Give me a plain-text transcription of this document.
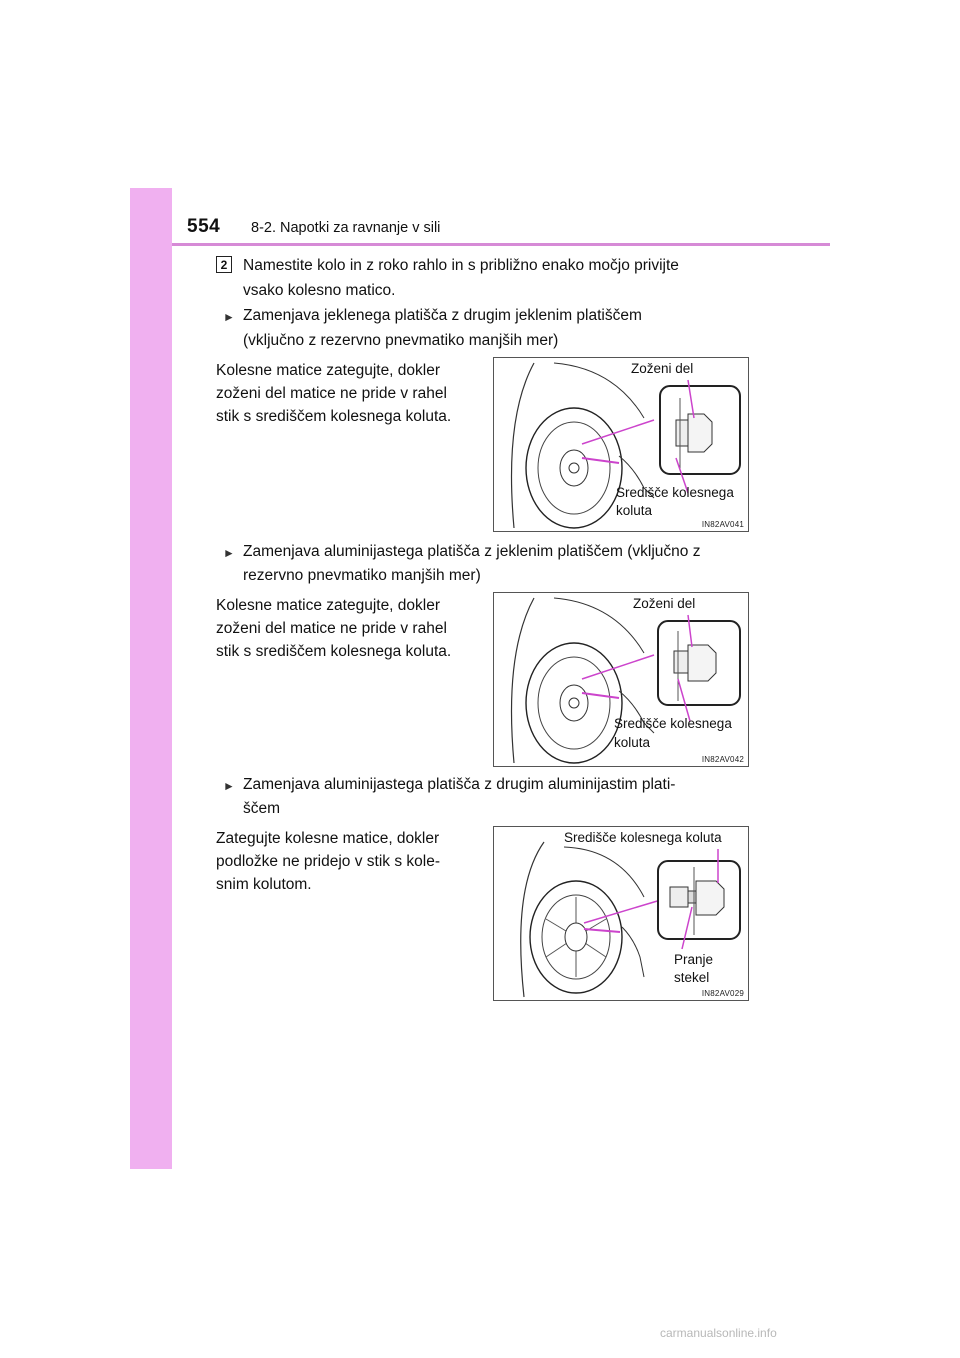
554 8-2. Napotki za ravnanje v sili
2	Namestite kolo in z roko rahlo in s približno enako močjo privijte
vsako kolesno matico.
► Zamenjava jeklenega platišča z drugim jeklenim platiščem
(vključno z rezervno pnevmatiko manjših mer)
Kolesne matice zategujte, dokler
zoženi del matice ne pride v rahel
stik s središčem kolesnega koluta.
Zoženi del
Središče kolesnega
koluta
IN82AV041
► Zamenjava aluminijastega platišča z jeklenim platiščem (vključno z
rezervno pnevmatiko manjših mer)
Kolesne matice zategujte, dokler
zoženi del matice ne pride v rahel
stik s središčem kolesnega koluta.
Zoženi del
Središče kolesnega
koluta
IN82AV042
► Zamenjava aluminijastega platišča z drugim aluminijastim plati-
ščem
Zategujte kolesne matice, dokler
podložke ne pridejo v stik s kole-
snim kolutom.
Središče kolesnega koluta
Pranje
stekel
IN82AV029
carmanualsonline.info
